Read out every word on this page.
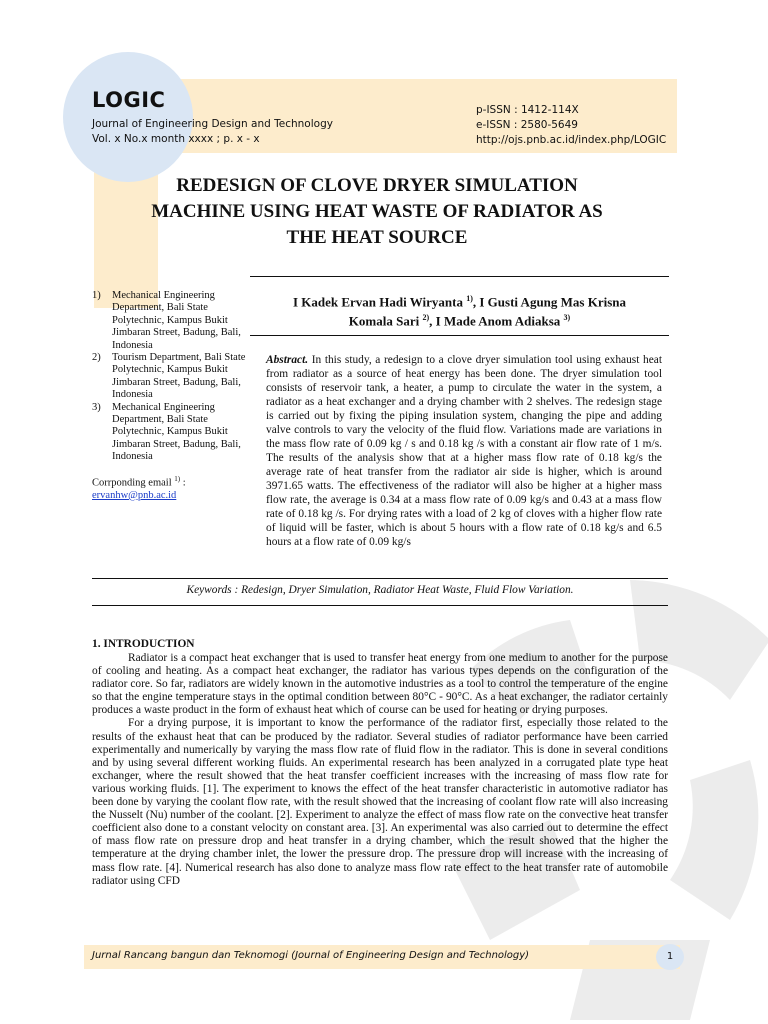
LOGIC
Journal of Engineering Design and Technology
Vol. x No.x month xxxx ; p. x - x
p-ISSN : 1412-114X
e-ISSN : 2580-5649
http://ojs.pnb.ac.id/index.php/LOGIC
REDESIGN OF CLOVE DRYER SIMULATION
MACHINE USING HEAT WASTE OF RADIATOR AS
THE HEAT SOURCE
1)	Mechanical Engineering Department, Bali State Polytechnic, Kampus Bukit Jimbaran Street, Badung, Bali, Indonesia
2)	Tourism Department, Bali State Polytechnic, Kampus Bukit Jimbaran Street, Badung, Bali, Indonesia
3)	Mechanical Engineering Department, Bali State Polytechnic, Kampus Bukit Jimbaran Street, Badung, Bali, Indonesia
Corrponding email $^{1)}$ :
ervanhw@pnb.ac.id
I Kadek Ervan Hadi Wiryanta $^{1)}$, I Gusti Agung Mas Krisna
Komala Sari $^{2)}$, I Made Anom Adiaksa $^{3)}$
Abstract. In this study, a redesign to a clove dryer simulation tool using exhaust heat from radiator as a source of heat energy has been done. The dryer simulation tool consists of reservoir tank, a heater, a pump to circulate the water in the system, a radiator as a heat exchanger and a drying chamber with 2 shelves. The redesign stage is carried out by fixing the piping insulation system, changing the pipe and adding valve controls to vary the velocity of the fluid flow. Variations made are variations in the mass flow rate of 0.09 kg / s and 0.18 kg /s with a constant air flow rate of 1 m/s. The results of the analysis show that at a higher mass flow rate of 0.18 kg/s the average rate of heat transfer from the radiator air side is higher, which is around 3971.65 watts. The effectiveness of the radiator will also be higher at a higher mass flow rate, the average is 0.34 at a mass flow rate of 0.09 kg/s and 0.43 at a mass flow rate of 0.18 kg /s. For drying rates with a load of 2 kg of cloves with a higher flow rate of liquid will be faster, which is about 5 hours with a flow rate of 0.18 kg/s and 6.5 hours at a flow rate of 0.09 kg/s
Keywords : Redesign, Dryer Simulation, Radiator Heat Waste, Fluid Flow Variation.
1. INTRODUCTION

Radiator is a compact heat exchanger that is used to transfer heat energy from one medium to another for the purpose of cooling and heating. As a compact heat exchanger, the radiator has various types depends on the configuration of the radiator core. So far, radiators are widely known in the automotive industries as a tool to control the temperature of the engine so that the engine temperature stays in the optimal condition between 80°C - 90°C. As a heat exchanger, the radiator certainly produces a waste product in the form of exhaust heat which of course can be used for heating or drying purposes.

For a drying purpose, it is important to know the performance of the radiator first, especially those related to the results of the exhaust heat that can be produced by the radiator. Several studies of radiator performance have been carried experimentally and numerically by varying the mass flow rate of fluid flow in the radiator. This is done in several conditions and by using several different working fluids. An experimental research has been analyzed in a corrugated plate type heat exchanger, where the result showed that the heat transfer coefficient increases with the increasing of mass flow rate for various working fluids. [1]. The experiment to knows the effect of the heat transfer characteristic in automotive radiator has been done by varying the coolant flow rate, with the result showed that the increasing of coolant flow rate will also increasing the Nusselt (Nu) number of the coolant. [2]. Experiment to analyze the effect of mass flow rate on the convective heat transfer coefficient also done to a constant velocity on constant area. [3]. An experimental was also carried out to determine the effect of mass flow rate on pressure drop and heat transfer in a drying chamber, which the result showed that the higher the temperature at the drying chamber inlet, the lower the pressure drop. The pressure drop will increase with the increasing of mass flow rate. [4]. Numerical research has also done to analyze mass flow rate effect to the heat transfer rate of automobile radiator using CFD

Jurnal Rancang bangun dan Teknomogi (Journal of Engineering Design and Technology)	1
